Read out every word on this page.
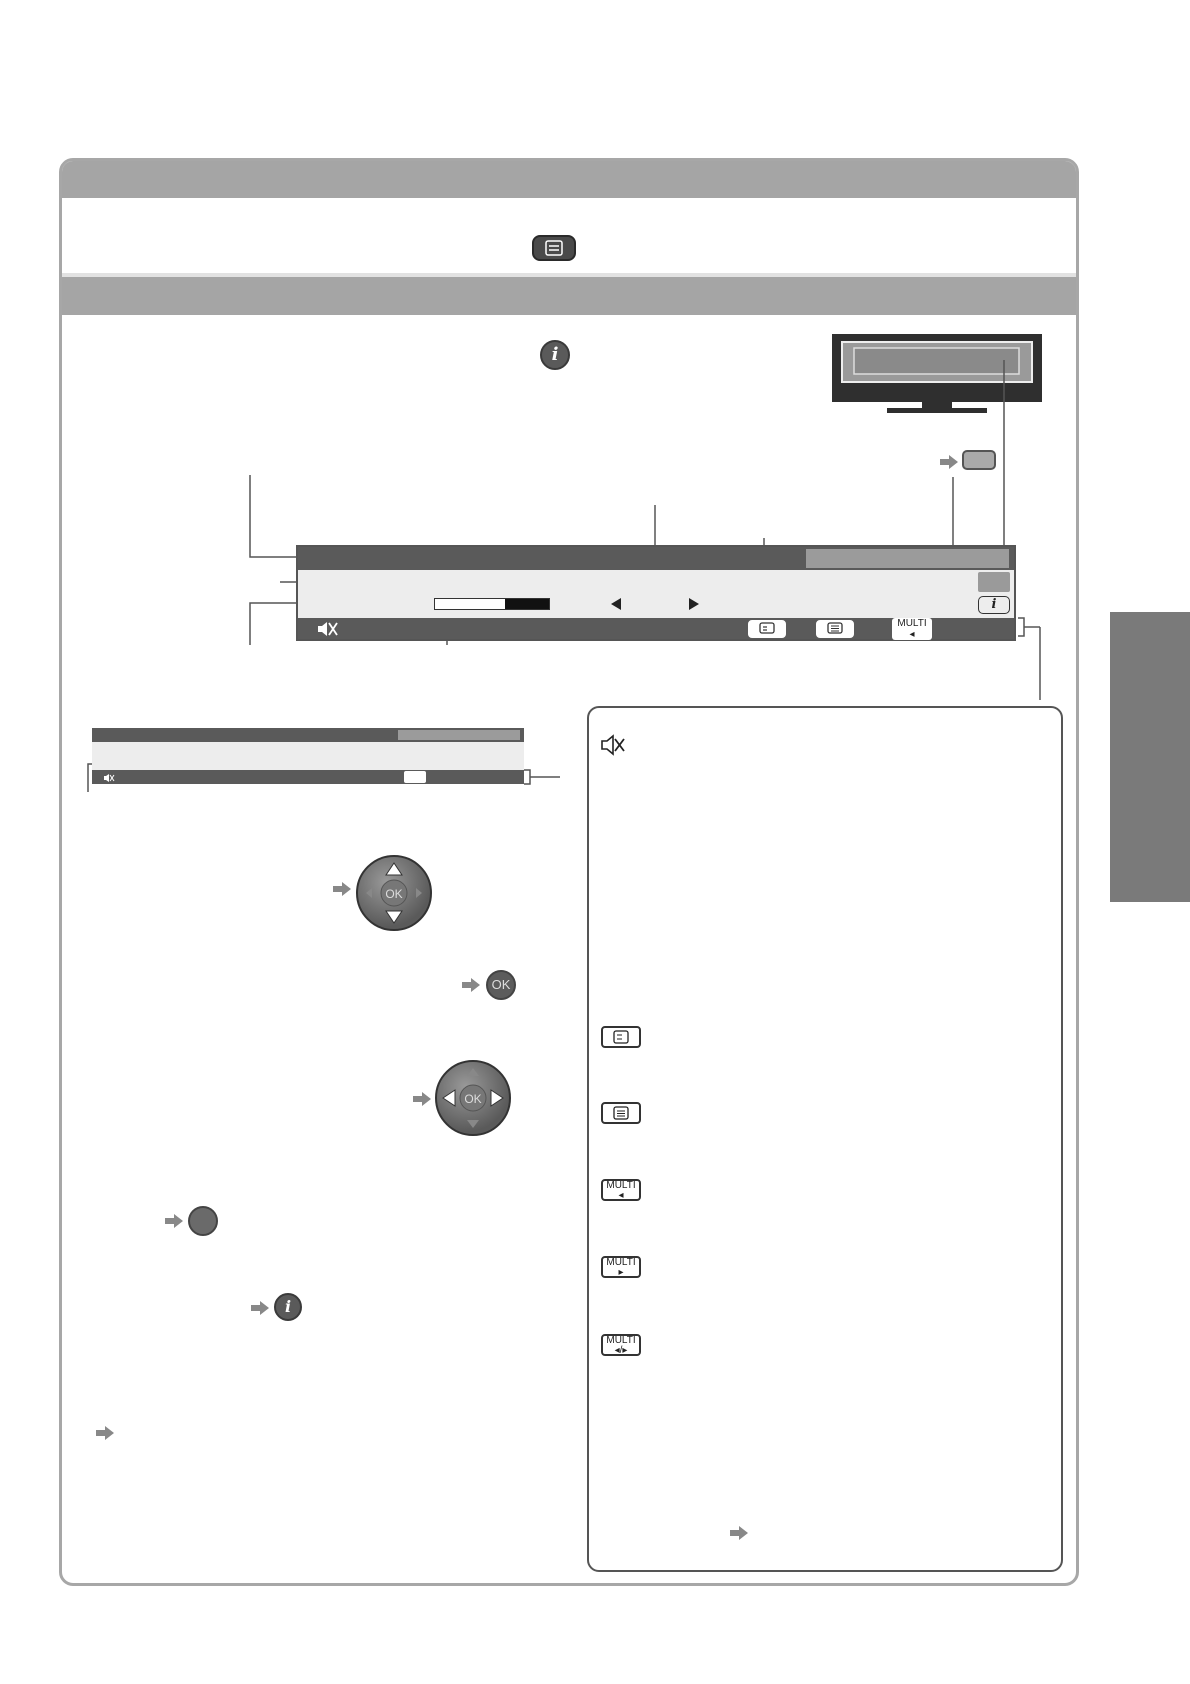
i
i
MULTI
◂
OK
OK
OK
i
MULTI
◂
MULTI
▸
MULTI
◂/▸
